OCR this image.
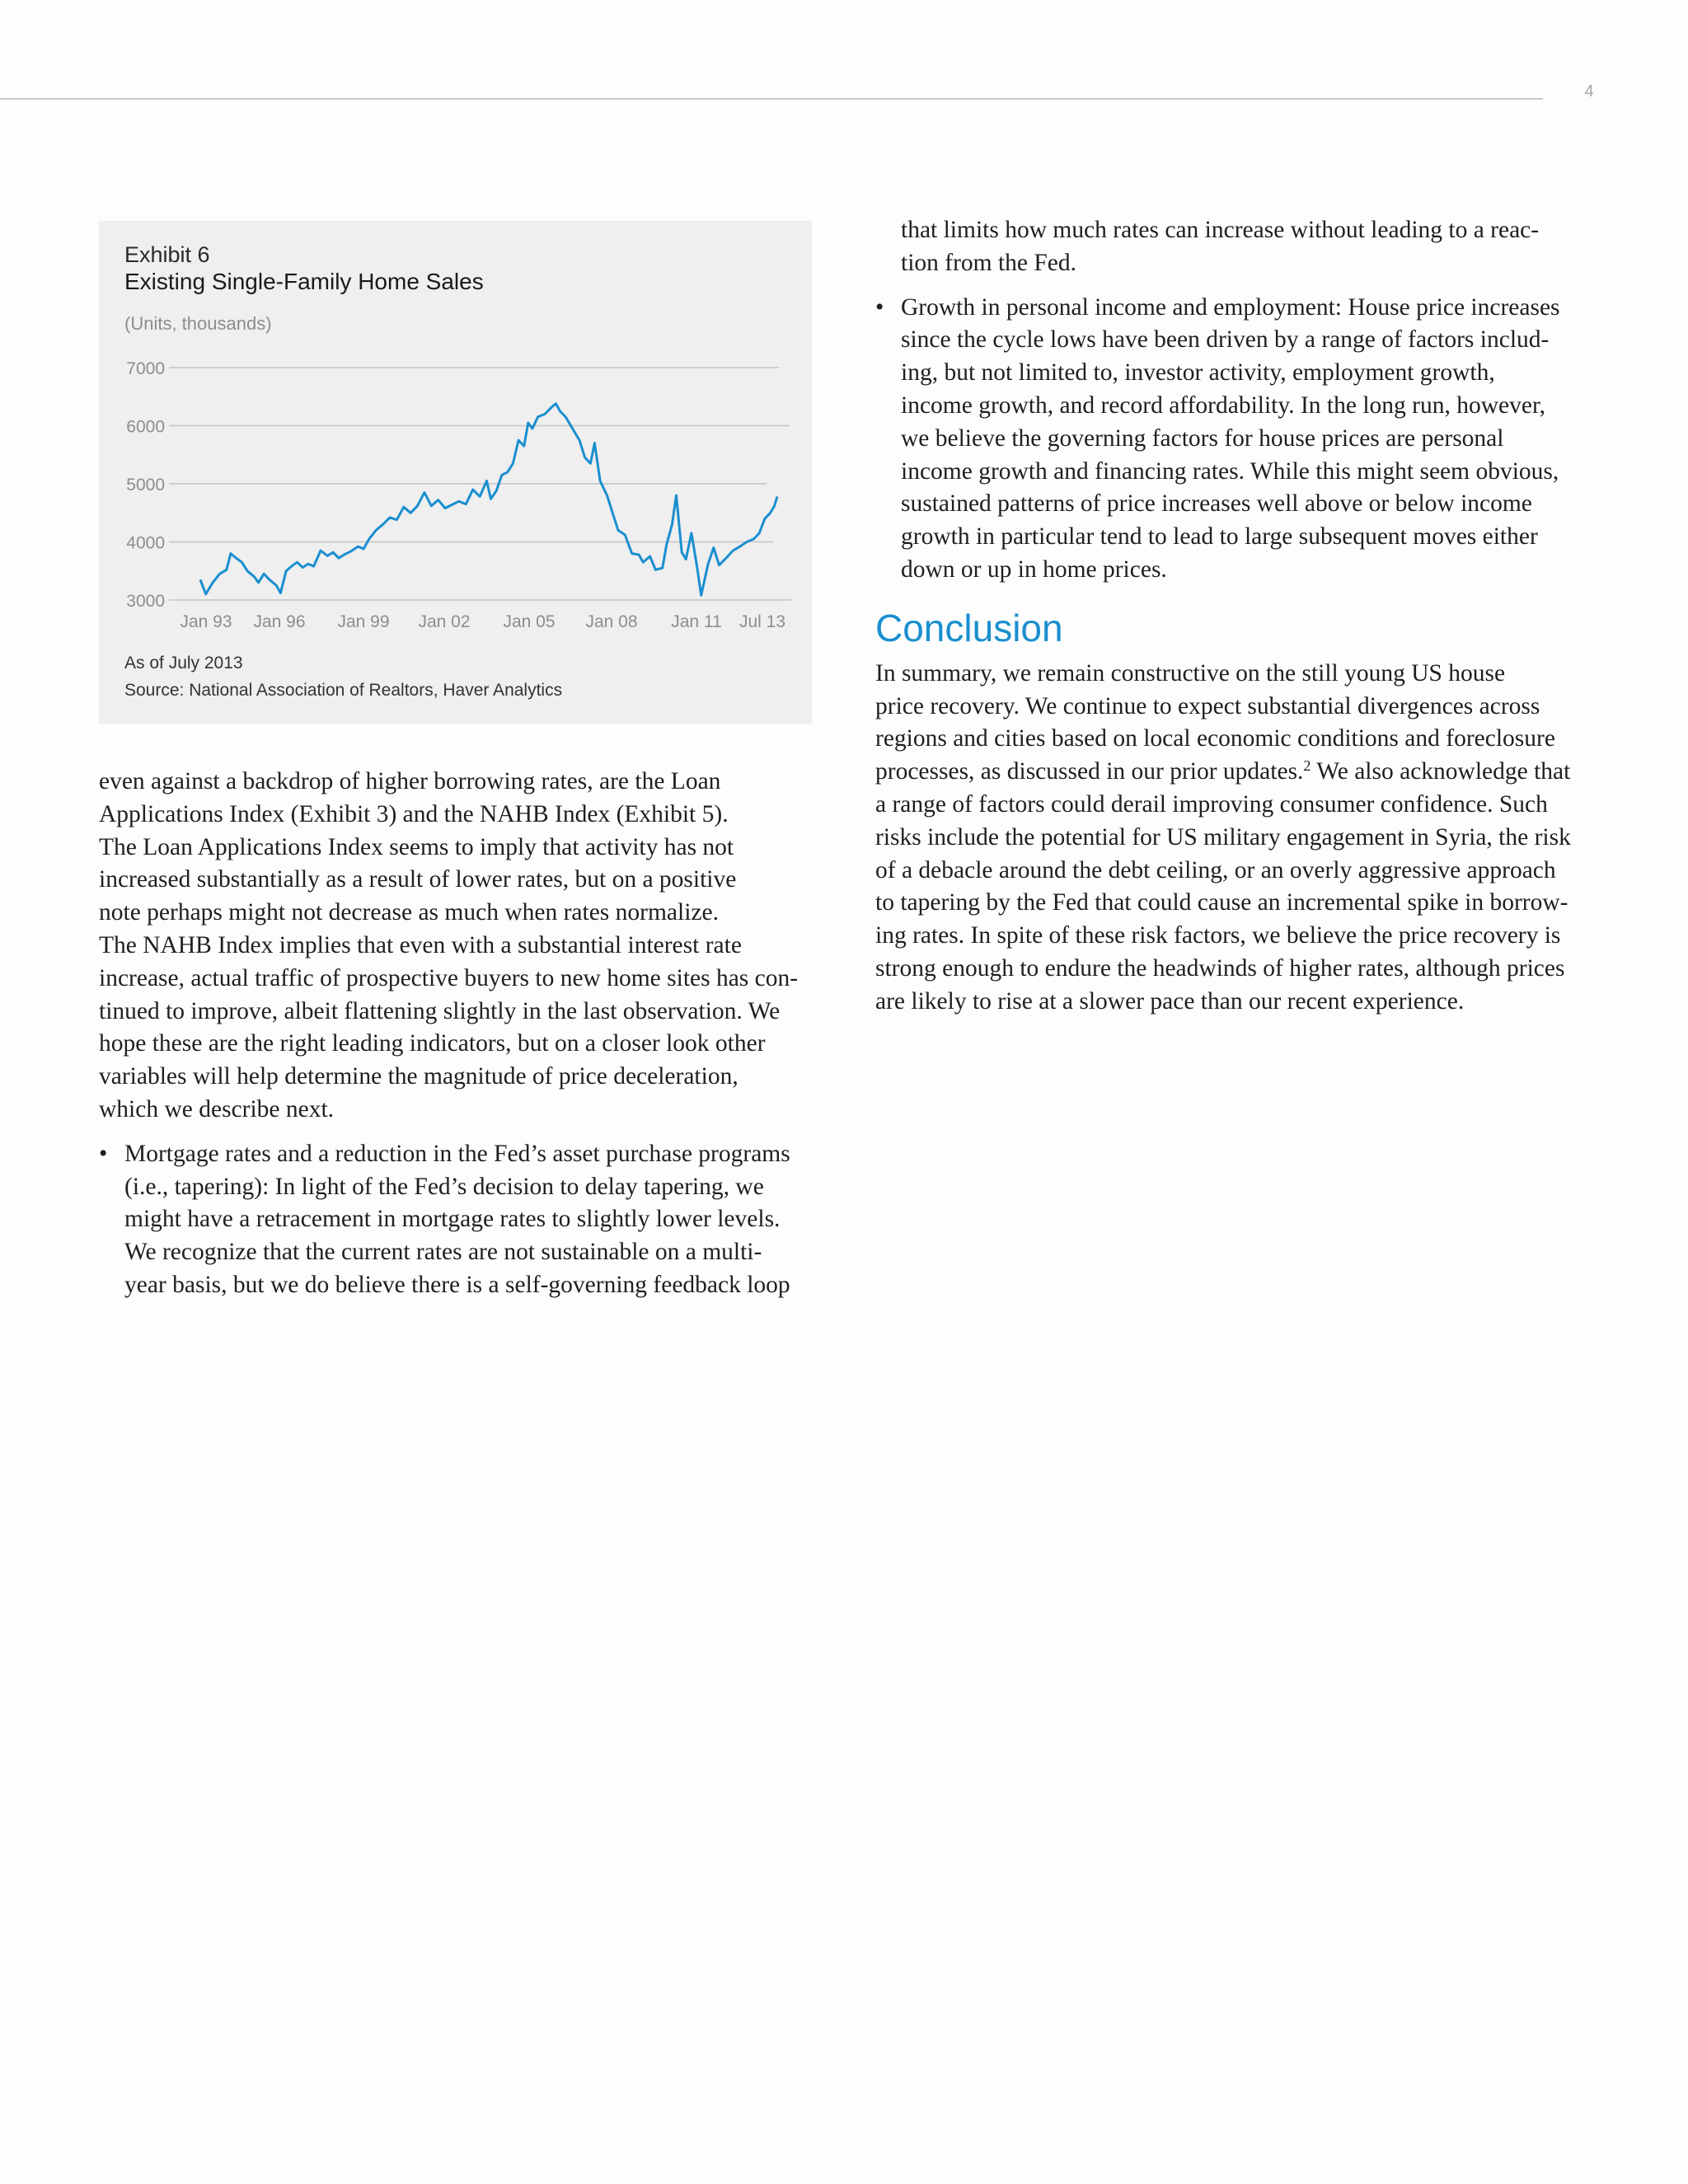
4
Exhibit 6
Existing Single-Family Home Sales
(Units, thousands)
7000
6000
5000
4000
3000
Jan 93 Jan 96 Jan 99 Jan 02 Jan 05 Jan 08 Jan 11 Jul 13
As of July 2013
Source: National Association of Realtors, Haver Analytics
even against a backdrop of higher borrowing rates, are the Loan
Applications Index (Exhibit 3) and the NAHB Index (Exhibit 5).
The Loan Applications Index seems to imply that activity has not
increased substantially as a result of lower rates, but on a positive
note perhaps might not decrease as much when rates normalize.
The NAHB Index implies that even with a substantial interest rate
increase, actual traffic of prospective buyers to new home sites has con-
tinued to improve, albeit flattening slightly in the last observation. We
hope these are the right leading indicators, but on a closer look other
variables will help determine the magnitude of price deceleration,
which we describe next.
• Mortgage rates and a reduction in the Fed’s asset purchase programs
(i.e., tapering): In light of the Fed’s decision to delay tapering, we
might have a retracement in mortgage rates to slightly lower levels.
We recognize that the current rates are not sustainable on a multi-
year basis, but we do believe there is a self-governing feedback loop
that limits how much rates can increase without leading to a reac-
tion from the Fed.
• Growth in personal income and employment: House price increases
since the cycle lows have been driven by a range of factors includ-
ing, but not limited to, investor activity, employment growth,
income growth, and record affordability. In the long run, however,
we believe the governing factors for house prices are personal
income growth and financing rates. While this might seem obvious,
sustained patterns of price increases well above or below income
growth in particular tend to lead to large subsequent moves either
down or up in home prices.

Conclusion

In summary, we remain constructive on the still young US house
price recovery. We continue to expect substantial divergences across
regions and cities based on local economic conditions and foreclosure
processes, as discussed in our prior updates.$^2$ We also acknowledge that
a range of factors could derail improving consumer confidence. Such
risks include the potential for US military engagement in Syria, the risk
of a debacle around the debt ceiling, or an overly aggressive approach
to tapering by the Fed that could cause an incremental spike in borrow-
ing rates. In spite of these risk factors, we believe the price recovery is
strong enough to endure the headwinds of higher rates, although prices
are likely to rise at a slower pace than our recent experience.
